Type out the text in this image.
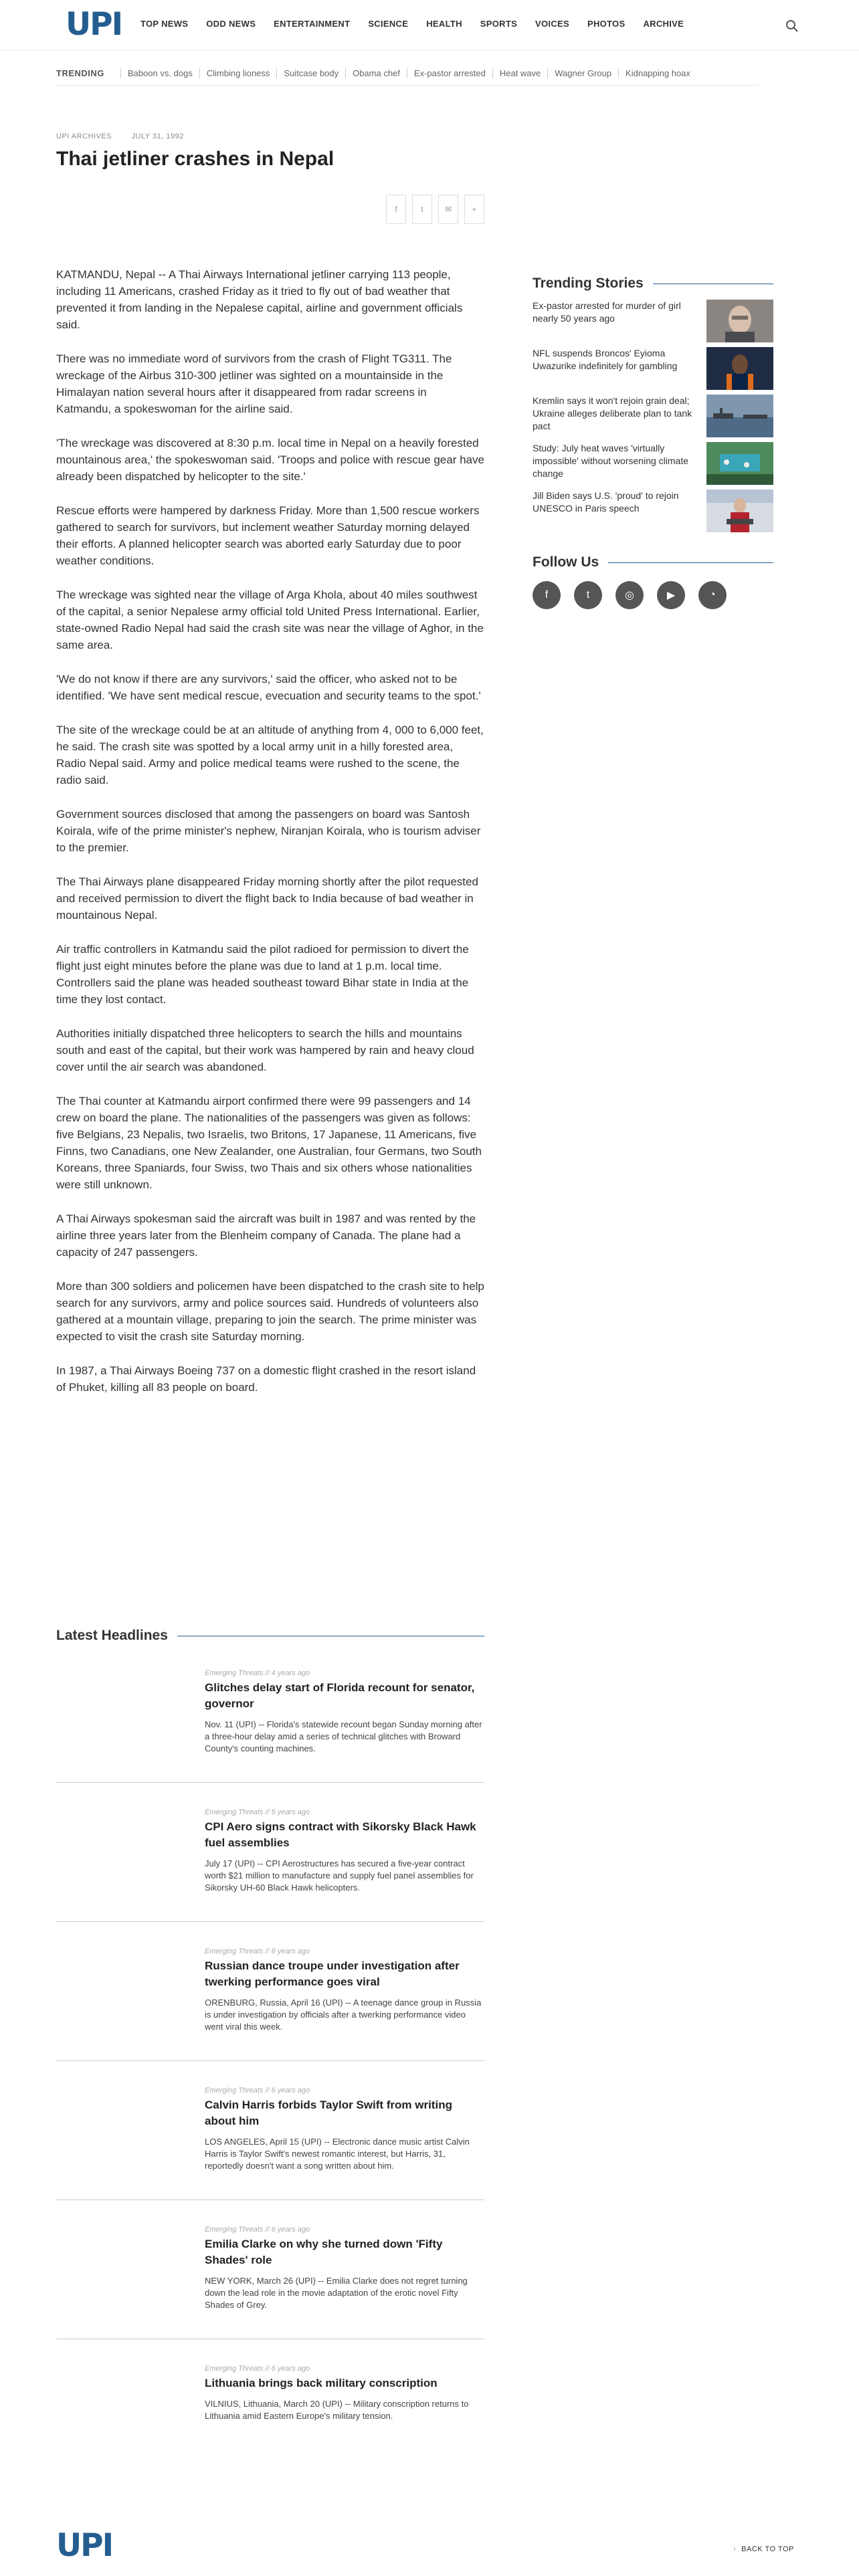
UPI TOP NEWS ODD NEWS ENTERTAINMENT SCIENCE HEALTH SPORTS VOICES PHOTOS ARCHIVE
TRENDING	Baboon vs. dogs	Climbing lioness	Suitcase body	Obama chef	Ex-pastor arrested	Heat wave	Wagner Group	Kidnapping hoax
UPI ARCHIVES	JULY 31, 1992
Thai jetliner crashes in Nepal
f	t	✉	+

KATMANDU, Nepal -- A Thai Airways International jetliner carrying 113 people, including 11 Americans, crashed Friday as it tried to fly out of bad weather that prevented it from landing in the Nepalese capital, airline and government officials said.

There was no immediate word of survivors from the crash of Flight TG311. The wreckage of the Airbus 310-300 jetliner was sighted on a mountainside in the Himalayan nation several hours after it disappeared from radar screens in Katmandu, a spokeswoman for the airline said.

'The wreckage was discovered at 8:30 p.m. local time in Nepal on a heavily forested mountainous area,' the spokeswoman said. 'Troops and police with rescue gear have already been dispatched by helicopter to the site.'

Rescue efforts were hampered by darkness Friday. More than 1,500 rescue workers gathered to search for survivors, but inclement weather Saturday morning delayed their efforts. A planned helicopter search was aborted early Saturday due to poor weather conditions.

The wreckage was sighted near the village of Arga Khola, about 40 miles southwest of the capital, a senior Nepalese army official told United Press International. Earlier, state-owned Radio Nepal had said the crash site was near the village of Aghor, in the same area.

'We do not know if there are any survivors,' said the officer, who asked not to be identified. 'We have sent medical rescue, evecuation and security teams to the spot.'

The site of the wreckage could be at an altitude of anything from 4, 000 to 6,000 feet, he said. The crash site was spotted by a local army unit in a hilly forested area, Radio Nepal said. Army and police medical teams were rushed to the scene, the radio said.

Government sources disclosed that among the passengers on board was Santosh Koirala, wife of the prime minister's nephew, Niranjan Koirala, who is tourism adviser to the premier.

The Thai Airways plane disappeared Friday morning shortly after the pilot requested and received permission to divert the flight back to India because of bad weather in mountainous Nepal.

Air traffic controllers in Katmandu said the pilot radioed for permission to divert the flight just eight minutes before the plane was due to land at 1 p.m. local time. Controllers said the plane was headed southeast toward Bihar state in India at the time they lost contact.

Authorities initially dispatched three helicopters to search the hills and mountains south and east of the capital, but their work was hampered by rain and heavy cloud cover until the air search was abandoned.

The Thai counter at Katmandu airport confirmed there were 99 passengers and 14 crew on board the plane. The nationalities of the passengers was given as follows: five Belgians, 23 Nepalis, two Israelis, two Britons, 17 Japanese, 11 Americans, five Finns, two Canadians, one New Zealander, one Australian, four Germans, two South Koreans, three Spaniards, four Swiss, two Thais and six others whose nationalities were still unknown.

A Thai Airways spokesman said the aircraft was built in 1987 and was rented by the airline three years later from the Blenheim company of Canada. The plane had a capacity of 247 passengers.

More than 300 soldiers and policemen have been dispatched to the crash site to help search for any survivors, army and police sources said. Hundreds of volunteers also gathered at a mountain village, preparing to join the search. The prime minister was expected to visit the crash site Saturday morning.

In 1987, a Thai Airways Boeing 737 on a domestic flight crashed in the resort island of Phuket, killing all 83 people on board.

Trending Stories
Ex-pastor arrested for murder of girl nearly 50 years ago
NFL suspends Broncos' Eyioma Uwazurike indefinitely for gambling
Kremlin says it won't rejoin grain deal; Ukraine alleges deliberate plan to tank pact
Study: July heat waves 'virtually impossible' without worsening climate change
Jill Biden says U.S. 'proud' to rejoin UNESCO in Paris speech
Follow Us
f	t	◎	▶	◔
Latest Headlines
Emerging Threats // 4 years ago
Glitches delay start of Florida recount for senator, governor
Nov. 11 (UPI) -- Florida's statewide recount began Sunday morning after a three-hour delay amid a series of technical glitches with Broward County's counting machines.
Emerging Threats // 5 years ago
CPI Aero signs contract with Sikorsky Black Hawk fuel assemblies
July 17 (UPI) -- CPI Aerostructures has secured a five-year contract worth $21 million to manufacture and supply fuel panel assemblies for Sikorsky UH-60 Black Hawk helicopters.
Emerging Threats // 6 years ago
Russian dance troupe under investigation after twerking performance goes viral
ORENBURG, Russia, April 16 (UPI) -- A teenage dance group in Russia is under investigation by officials after a twerking performance video went viral this week.
Emerging Threats // 6 years ago
Calvin Harris forbids Taylor Swift from writing about him
LOS ANGELES, April 15 (UPI) -- Electronic dance music artist Calvin Harris is Taylor Swift's newest romantic interest, but Harris, 31, reportedly doesn't want a song written about him.
Emerging Threats // 6 years ago
Emilia Clarke on why she turned down 'Fifty Shades' role
NEW YORK, March 26 (UPI) -- Emilia Clarke does not regret turning down the lead role in the movie adaptation of the erotic novel Fifty Shades of Grey.
Emerging Threats // 6 years ago
Lithuania brings back military conscription
VILNIUS, Lithuania, March 20 (UPI) -- Military conscription returns to Lithuania amid Eastern Europe's military tension.
UPI	› BACK TO TOP
